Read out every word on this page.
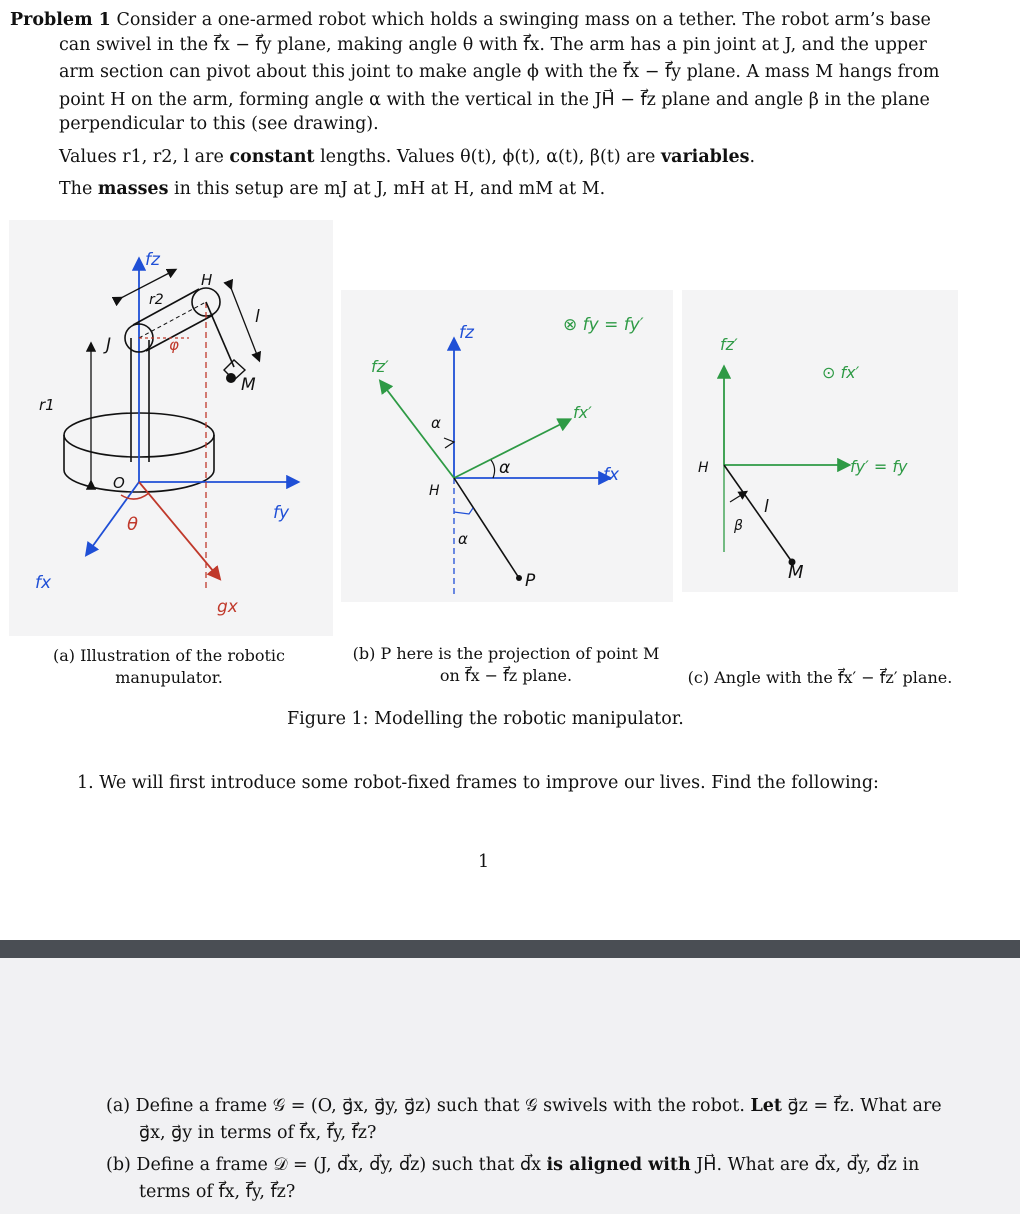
Problem 1 Consider a one-armed robot which holds a swinging mass on a tether. The robot arm’s base
can swivel in the f⃗x − f⃗y plane, making angle θ with f⃗x. The arm has a pin joint at J, and the upper
arm section can pivot about this joint to make angle ϕ with the f⃗x − f⃗y plane. A mass M hangs from
point H on the arm, forming angle α with the vertical in the JH⃗ − f⃗z plane and angle β in the plane
perpendicular to this (see drawing).
Values r1, r2, l are constant lengths. Values θ(t), ϕ(t), α(t), β(t) are variables.
The masses in this setup are mJ at J, mH at H, and mM at M.
fz
fx
fy
gx
r1
r2
H
J
l
M
O
θ
φ
fz
fx
fz′
fx′
⊗ fy = fy′
H
α
α
α
P
fz′
⊙ fx′
fy′ = fy
H
l
β
M
(a) Illustration of the robotic
manupulator.
(b) P here is the projection of point M
on f⃗x − f⃗z plane.	(c) Angle with the f⃗x′ − f⃗z′ plane.
Figure 1: Modelling the robotic manipulator.
1. We will first introduce some robot-fixed frames to improve our lives. Find the following:
1
(a) Define a frame 𝒢 = (O, g⃗x, g⃗y, g⃗z) such that 𝒢 swivels with the robot. Let g⃗z = f⃗z. What are
g⃗x, g⃗y in terms of f⃗x, f⃗y, f⃗z?
(b) Define a frame 𝒟 = (J, d⃗x, d⃗y, d⃗z) such that d⃗x is aligned with JH⃗. What are d⃗x, d⃗y, d⃗z in
terms of f⃗x, f⃗y, f⃗z?
